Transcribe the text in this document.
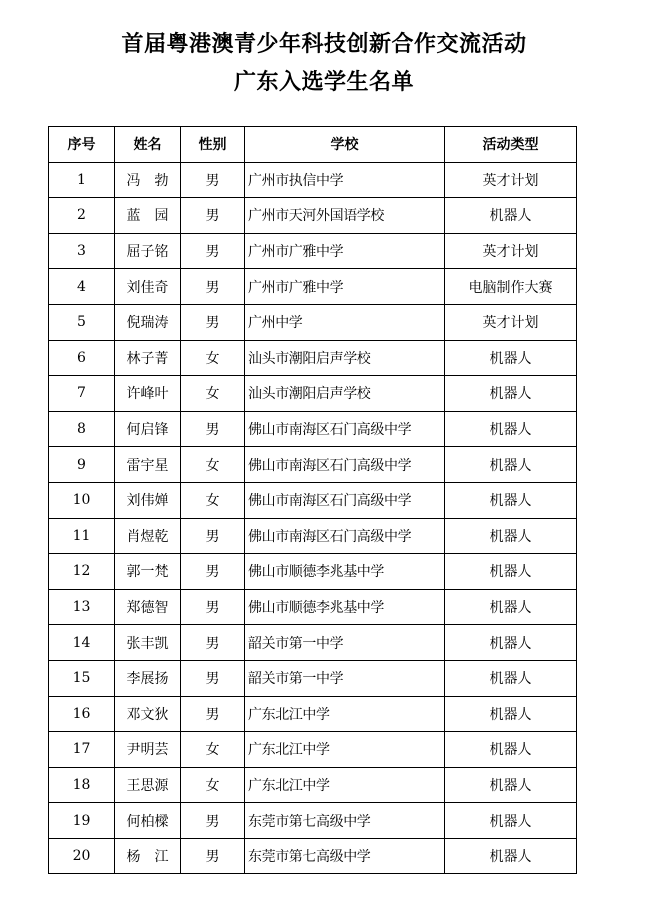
首届粤港澳青少年科技创新合作交流活动
广东入选学生名单
序号	姓名	性别	学校	活动类型
1	冯　勃	男	广州市执信中学	英才计划
2	蓝　园	男	广州市天河外国语学校	机器人
3	屈子铭	男	广州市广雅中学	英才计划
4	刘佳奇	男	广州市广雅中学	电脑制作大赛
5	倪瑞涛	男	广州中学	英才计划
6	林子菁	女	汕头市潮阳启声学校	机器人
7	许峰叶	女	汕头市潮阳启声学校	机器人
8	何启锋	男	佛山市南海区石门高级中学	机器人
9	雷宇星	女	佛山市南海区石门高级中学	机器人
10	刘伟婵	女	佛山市南海区石门高级中学	机器人
11	肖煜乾	男	佛山市南海区石门高级中学	机器人
12	郭一梵	男	佛山市顺德李兆基中学	机器人
13	郑德智	男	佛山市顺德李兆基中学	机器人
14	张丰凯	男	韶关市第一中学	机器人
15	李展扬	男	韶关市第一中学	机器人
16	邓文狄	男	广东北江中学	机器人
17	尹明芸	女	广东北江中学	机器人
18	王思源	女	广东北江中学	机器人
19	何柏樑	男	东莞市第七高级中学	机器人
20	杨　江	男	东莞市第七高级中学	机器人
